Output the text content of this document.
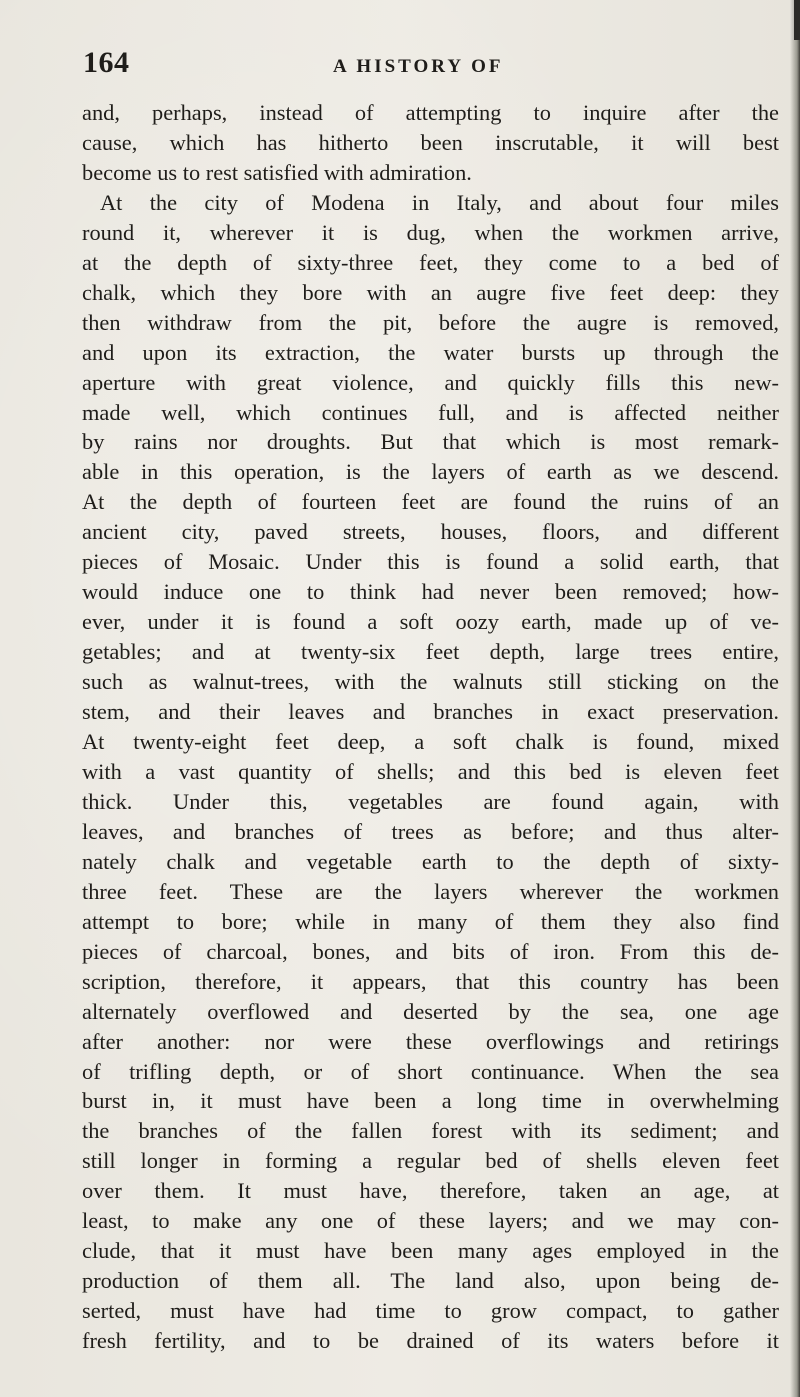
164	A HISTORY OF
and, perhaps, instead of attempting to inquire after the
cause, which has hitherto been inscrutable, it will best
become us to rest satisfied with admiration.
At the city of Modena in Italy, and about four miles
round it, wherever it is dug, when the workmen arrive,
at the depth of sixty-three feet, they come to a bed of
chalk, which they bore with an augre five feet deep: they
then withdraw from the pit, before the augre is removed,
and upon its extraction, the water bursts up through the
aperture with great violence, and quickly fills this new-
made well, which continues full, and is affected neither
by rains nor droughts. But that which is most remark-
able in this operation, is the layers of earth as we descend.
At the depth of fourteen feet are found the ruins of an
ancient city, paved streets, houses, floors, and different
pieces of Mosaic. Under this is found a solid earth, that
would induce one to think had never been removed; how-
ever, under it is found a soft oozy earth, made up of ve-
getables; and at twenty-six feet depth, large trees entire,
such as walnut-trees, with the walnuts still sticking on the
stem, and their leaves and branches in exact preservation.
At twenty-eight feet deep, a soft chalk is found, mixed
with a vast quantity of shells; and this bed is eleven feet
thick. Under this, vegetables are found again, with
leaves, and branches of trees as before; and thus alter-
nately chalk and vegetable earth to the depth of sixty-
three feet. These are the layers wherever the workmen
attempt to bore; while in many of them they also find
pieces of charcoal, bones, and bits of iron. From this de-
scription, therefore, it appears, that this country has been
alternately overflowed and deserted by the sea, one age
after another: nor were these overflowings and retirings
of trifling depth, or of short continuance. When the sea
burst in, it must have been a long time in overwhelming
the branches of the fallen forest with its sediment; and
still longer in forming a regular bed of shells eleven feet
over them. It must have, therefore, taken an age, at
least, to make any one of these layers; and we may con-
clude, that it must have been many ages employed in the
production of them all. The land also, upon being de-
serted, must have had time to grow compact, to gather
fresh fertility, and to be drained of its waters before it
